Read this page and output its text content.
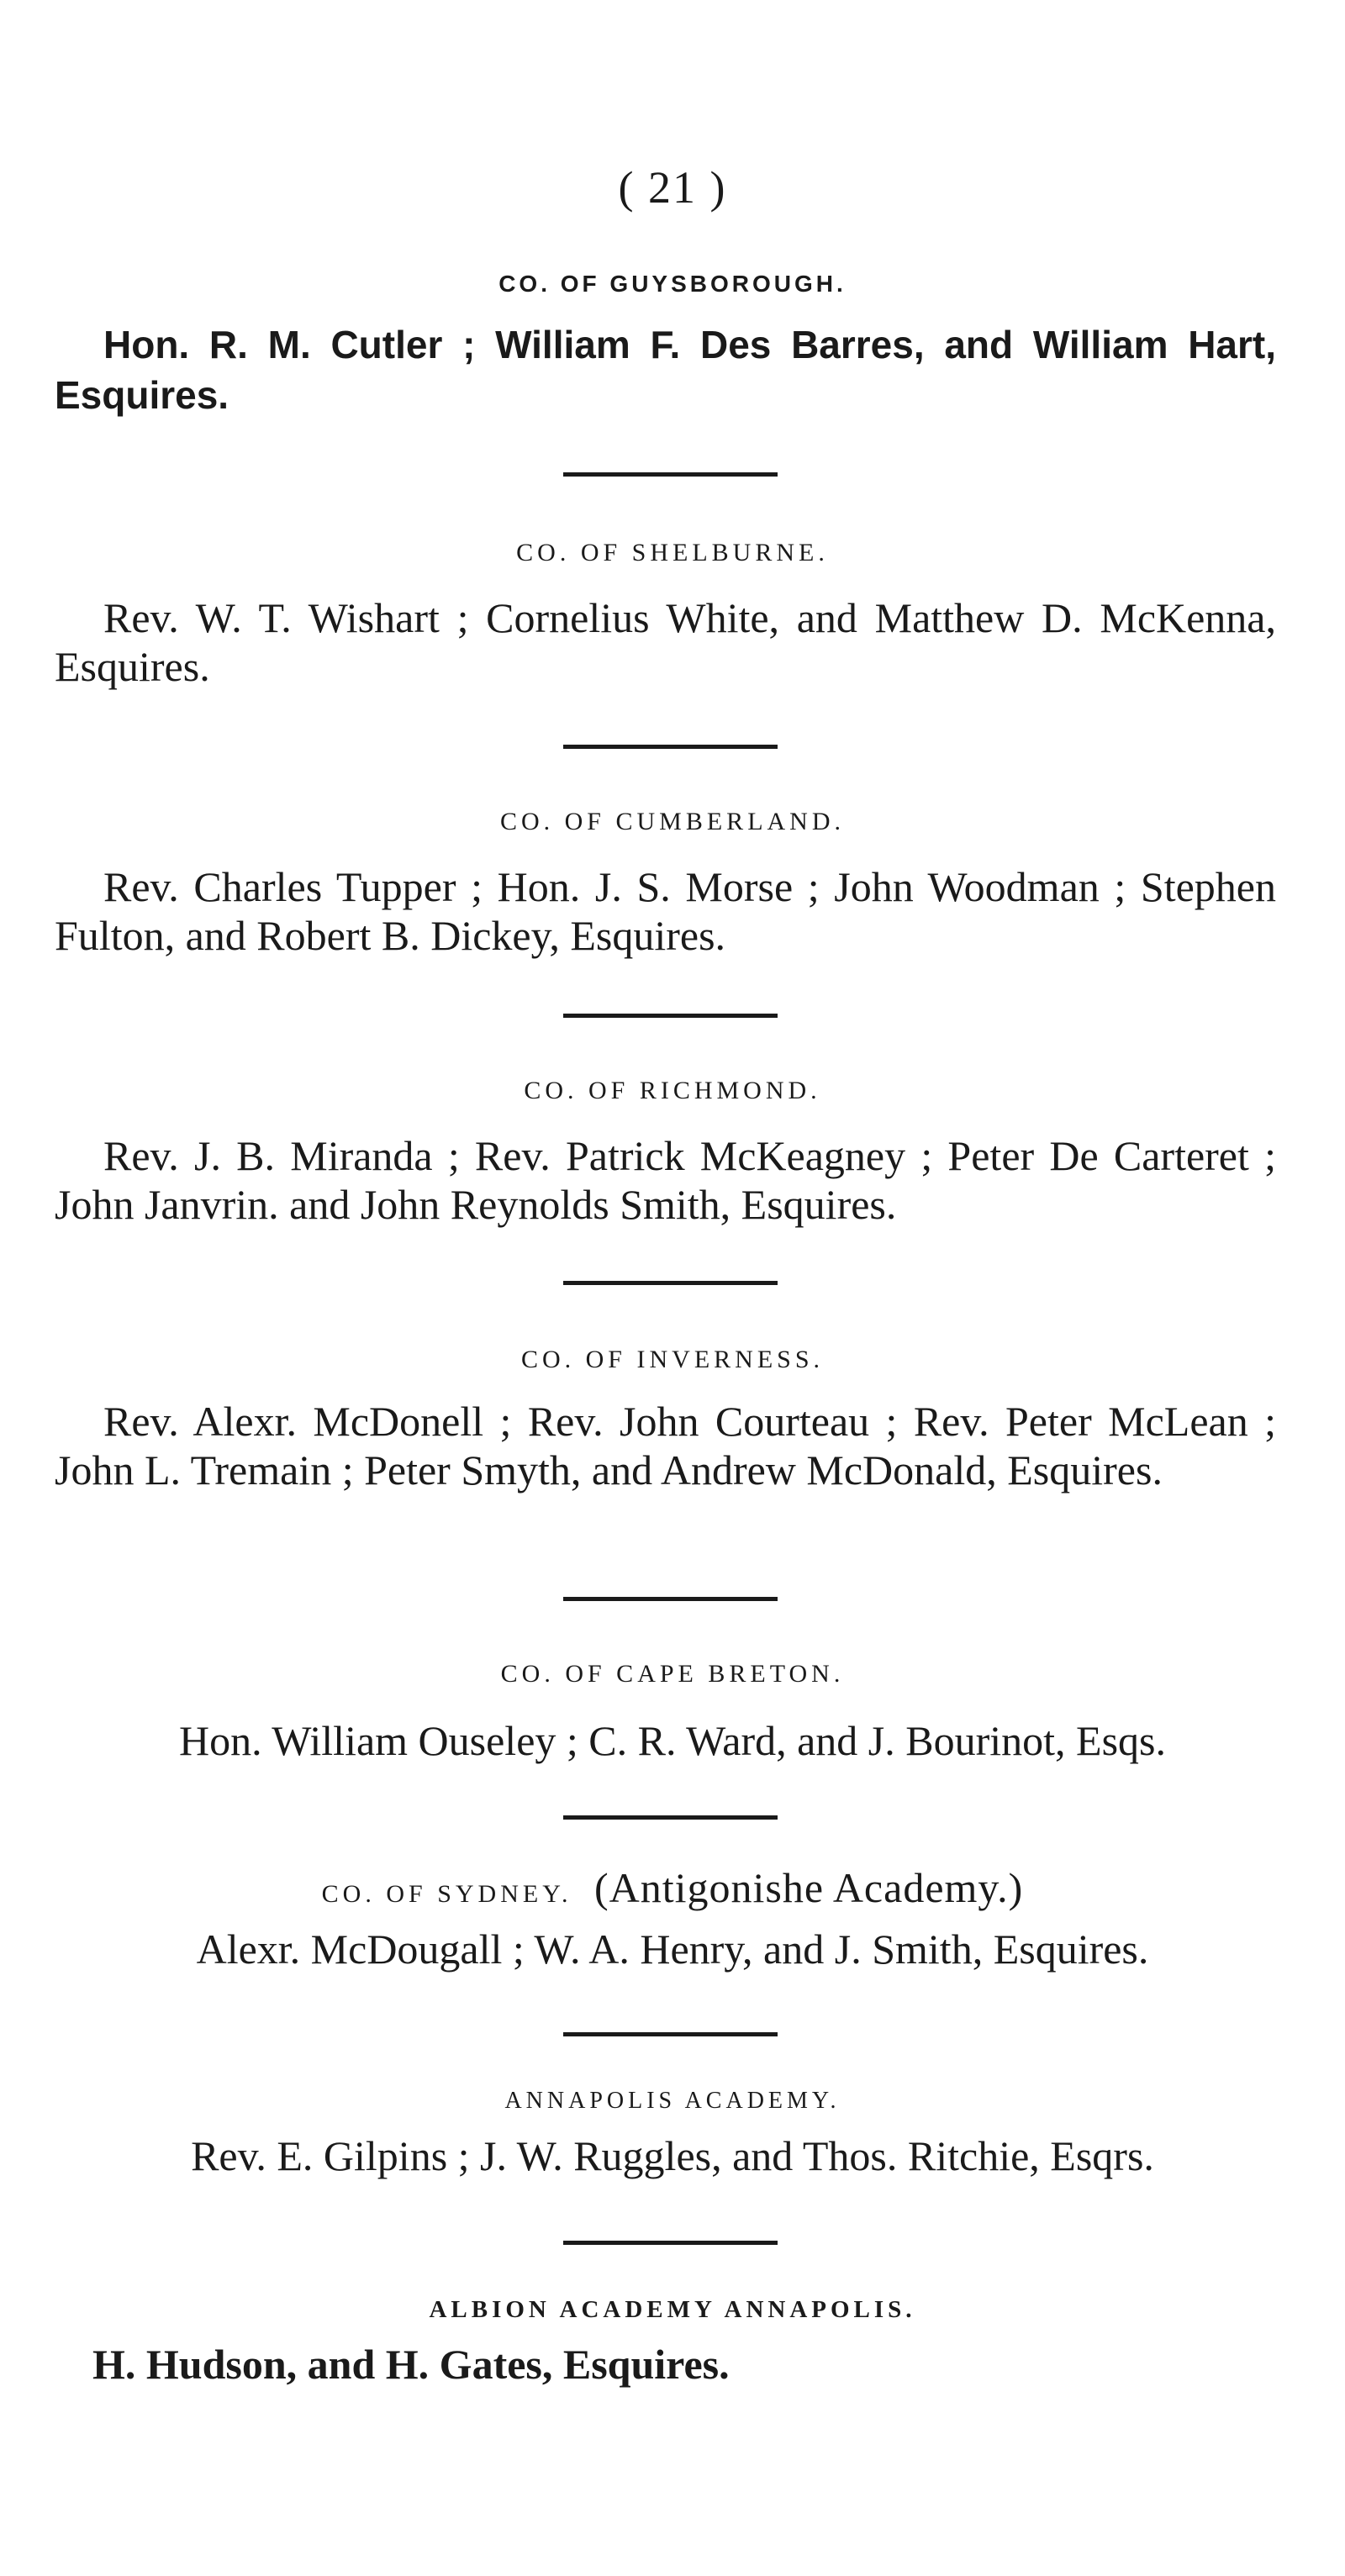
( 21 )
CO. OF GUYSBOROUGH.

Hon. R. M. Cutler ; William F. Des Barres, and William Hart, Esquires.

CO. OF SHELBURNE.

Rev. W. T. Wishart ; Cornelius White, and Matthew D. McKenna, Esquires.

CO. OF CUMBERLAND.

Rev. Charles Tupper ; Hon. J. S. Morse ; John Woodman ; Stephen Fulton, and Robert B. Dickey, Esquires.

CO. OF RICHMOND.

Rev. J. B. Miranda ; Rev. Patrick McKeagney ; Peter De Carteret ; John Janvrin. and John Reynolds Smith, Esquires.

CO. OF INVERNESS.

Rev. Alexr. McDonell ; Rev. John Courteau ; Rev. Peter McLean ; John L. Tremain ; Peter Smyth, and Andrew McDonald, Esquires.

CO. OF CAPE BRETON.

Hon. William Ouseley ; C. R. Ward, and J. Bourinot, Esqs.

CO. OF SYDNEY. (Antigonishe Academy.)

Alexr. McDougall ; W. A. Henry, and J. Smith, Esquires.

ANNAPOLIS ACADEMY.

Rev. E. Gilpins ; J. W. Ruggles, and Thos. Ritchie, Esqrs.

ALBION ACADEMY ANNAPOLIS.

H. Hudson, and H. Gates, Esquires.
